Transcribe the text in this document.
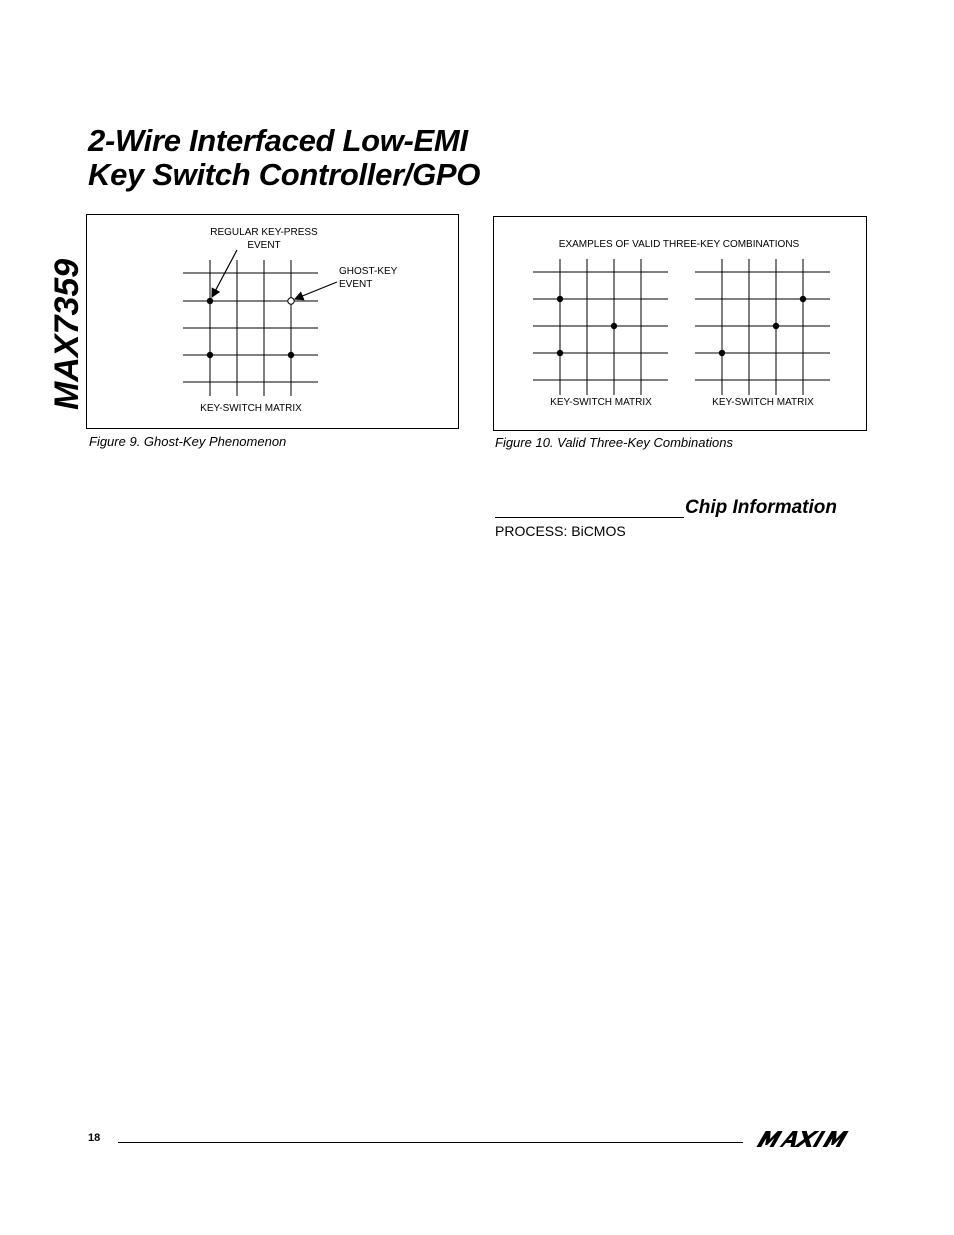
MAX7359
2-Wire Interfaced Low-EMI
Key Switch Controller/GPO
REGULAR KEY-PRESS
EVENT
GHOST-KEY
EVENT
KEY-SWITCH MATRIX

Figure 9. Ghost-Key Phenomenon

EXAMPLES OF VALID THREE-KEY COMBINATIONS
KEY-SWITCH MATRIX	KEY-SWITCH MATRIX

Figure 10. Valid Three-Key Combinations

Chip Information

PROCESS: BiCMOS

18
